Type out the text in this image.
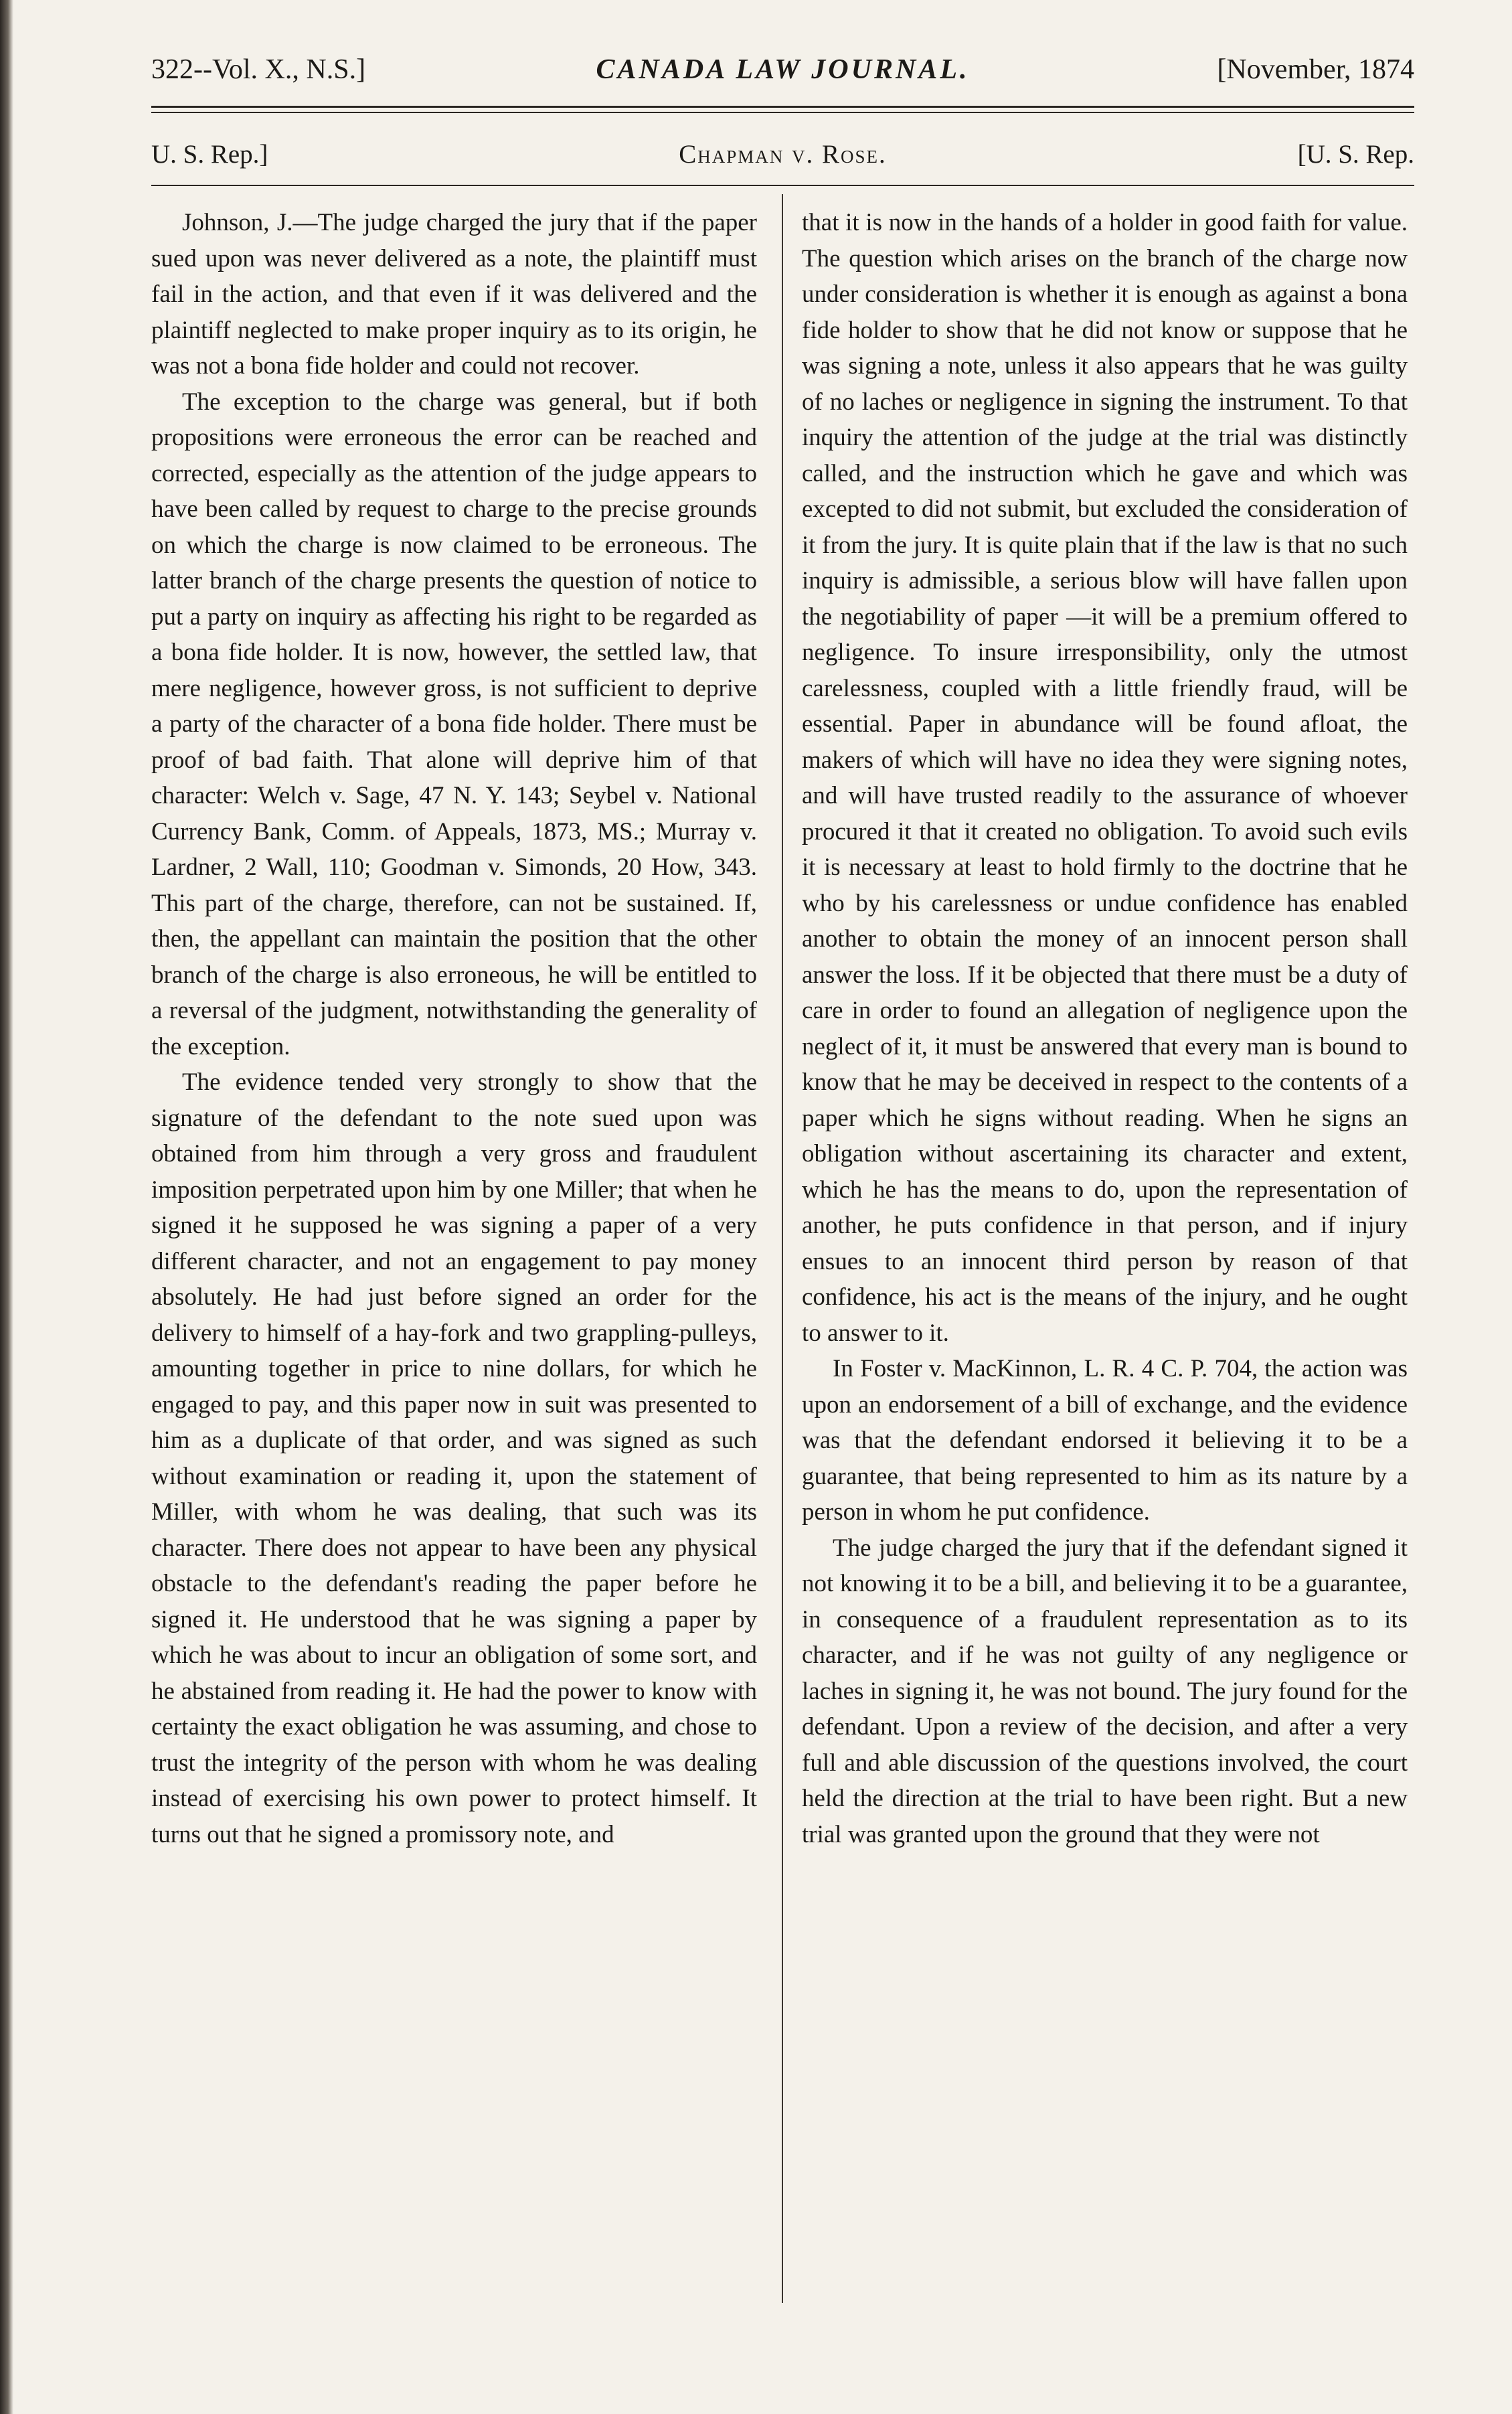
322--Vol. X., N.S.]	CANADA LAW JOURNAL.	[November, 1874
U. S. Rep.]	Chapman v. Rose.	[U. S. Rep.

Johnson, J.—The judge charged the jury that if the paper sued upon was never delivered as a note, the plaintiff must fail in the action, and that even if it was delivered and the plaintiff neglected to make proper inquiry as to its origin, he was not a bona fide holder and could not recover.

The exception to the charge was general, but if both propositions were erroneous the error can be reached and corrected, especially as the attention of the judge appears to have been called by request to charge to the precise grounds on which the charge is now claimed to be erroneous. The latter branch of the charge presents the question of notice to put a party on inquiry as affecting his right to be regarded as a bona fide holder. It is now, however, the settled law, that mere negligence, however gross, is not sufficient to deprive a party of the character of a bona fide holder. There must be proof of bad faith. That alone will deprive him of that character: Welch v. Sage, 47 N. Y. 143; Seybel v. National Currency Bank, Comm. of Appeals, 1873, MS.; Murray v. Lardner, 2 Wall, 110; Goodman v. Simonds, 20 How, 343. This part of the charge, therefore, can not be sustained. If, then, the appellant can maintain the position that the other branch of the charge is also erroneous, he will be entitled to a reversal of the judgment, notwithstanding the generality of the exception.

The evidence tended very strongly to show that the signature of the defendant to the note sued upon was obtained from him through a very gross and fraudulent imposition perpetrated upon him by one Miller; that when he signed it he supposed he was signing a paper of a very different character, and not an engagement to pay money absolutely. He had just before signed an order for the delivery to himself of a hay-fork and two grappling-pulleys, amounting together in price to nine dollars, for which he engaged to pay, and this paper now in suit was presented to him as a duplicate of that order, and was signed as such without examination or reading it, upon the statement of Miller, with whom he was dealing, that such was its character. There does not appear to have been any physical obstacle to the defendant's reading the paper before he signed it. He understood that he was signing a paper by which he was about to incur an obligation of some sort, and he abstained from reading it. He had the power to know with certainty the exact obligation he was assuming, and chose to trust the integrity of the person with whom he was dealing instead of exercising his own power to protect himself. It turns out that he signed a promissory note, and

that it is now in the hands of a holder in good faith for value. The question which arises on the branch of the charge now under consideration is whether it is enough as against a bona fide holder to show that he did not know or suppose that he was signing a note, unless it also appears that he was guilty of no laches or negligence in signing the instrument. To that inquiry the attention of the judge at the trial was distinctly called, and the instruction which he gave and which was excepted to did not submit, but excluded the consideration of it from the jury. It is quite plain that if the law is that no such inquiry is admissible, a serious blow will have fallen upon the negotiability of paper —it will be a premium offered to negligence. To insure irresponsibility, only the utmost carelessness, coupled with a little friendly fraud, will be essential. Paper in abundance will be found afloat, the makers of which will have no idea they were signing notes, and will have trusted readily to the assurance of whoever procured it that it created no obligation. To avoid such evils it is necessary at least to hold firmly to the doctrine that he who by his carelessness or undue confidence has enabled another to obtain the money of an innocent person shall answer the loss. If it be objected that there must be a duty of care in order to found an allegation of negligence upon the neglect of it, it must be answered that every man is bound to know that he may be deceived in respect to the contents of a paper which he signs without reading. When he signs an obligation without ascertaining its character and extent, which he has the means to do, upon the representation of another, he puts confidence in that person, and if injury ensues to an innocent third person by reason of that confidence, his act is the means of the injury, and he ought to answer to it.

In Foster v. MacKinnon, L. R. 4 C. P. 704, the action was upon an endorsement of a bill of exchange, and the evidence was that the defendant endorsed it believing it to be a guarantee, that being represented to him as its nature by a person in whom he put confidence.

The judge charged the jury that if the defendant signed it not knowing it to be a bill, and believing it to be a guarantee, in consequence of a fraudulent representation as to its character, and if he was not guilty of any negligence or laches in signing it, he was not bound. The jury found for the defendant. Upon a review of the decision, and after a very full and able discussion of the questions involved, the court held the direction at the trial to have been right. But a new trial was granted upon the ground that they were not
